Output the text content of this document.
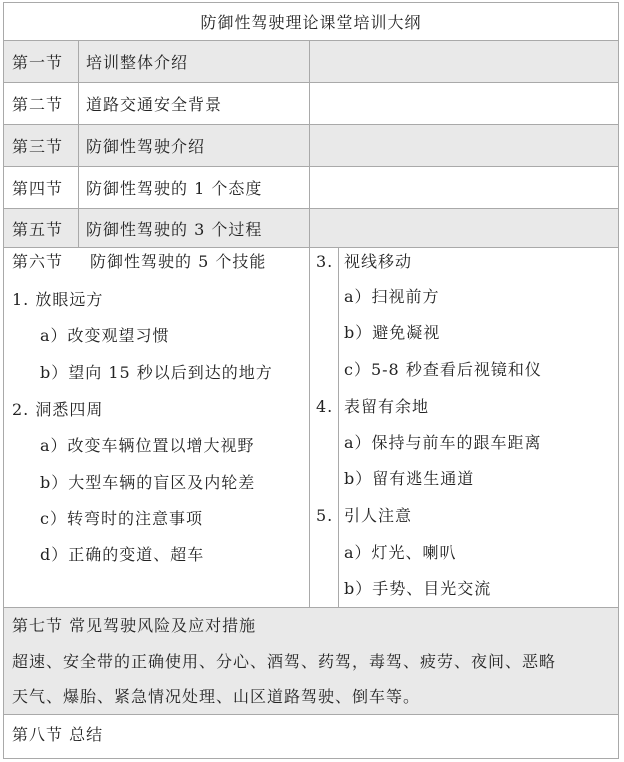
防御性驾驶理论课堂培训大纲
第一节 培训整体介绍
第二节 道路交通安全背景
第三节 防御性驾驶介绍
第四节 防御性驾驶的 1 个态度
第五节 防御性驾驶的 3 个过程
第六节 防御性驾驶的 5 个技能
1. 放眼远方
a）改变观望习惯
b）望向 15 秒以后到达的地方
2. 洞悉四周
a）改变车辆位置以增大视野
b）大型车辆的盲区及内轮差
c）转弯时的注意事项
d）正确的变道、超车
3. 视线移动
a）扫视前方
b）避免凝视
c）5-8 秒查看后视镜和仪
4. 表留有余地
a）保持与前车的跟车距离
b）留有逃生通道
5. 引人注意
a）灯光、喇叭
b）手势、目光交流
第七节 常见驾驶风险及应对措施
超速、安全带的正确使用、分心、酒驾、药驾，毒驾、疲劳、夜间、恶略
天气、爆胎、紧急情况处理、山区道路驾驶、倒车等。
第八节 总结
